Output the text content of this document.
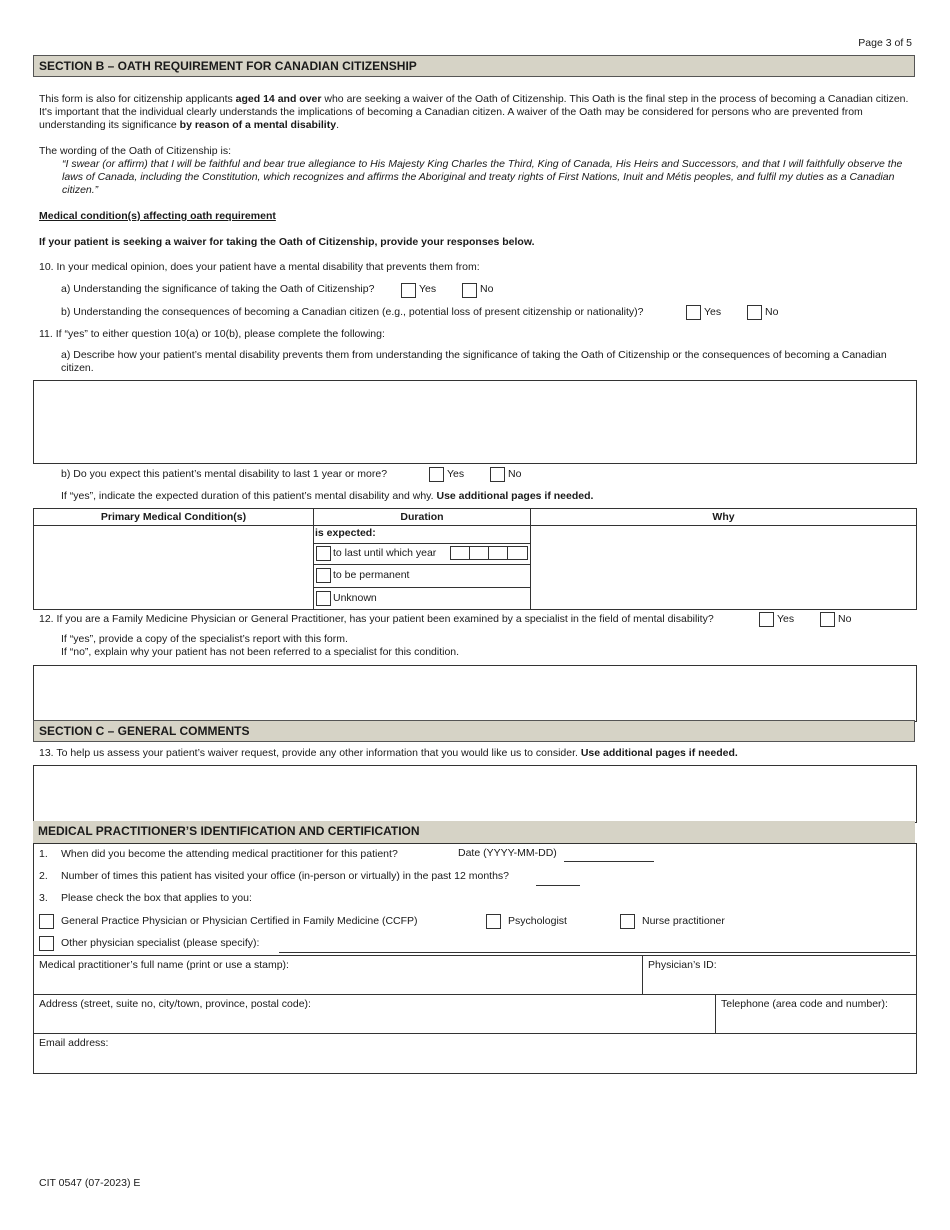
Page 3 of 5
SECTION B – OATH REQUIREMENT FOR CANADIAN CITIZENSHIP
This form is also for citizenship applicants aged 14 and over who are seeking a waiver of the Oath of Citizenship. This Oath is the final step in the process of becoming a Canadian citizen. It's important that the individual clearly understands the implications of becoming a Canadian citizen. A waiver of the Oath may be considered for persons who are prevented from understanding its significance by reason of a mental disability.
The wording of the Oath of Citizenship is:
“I swear (or affirm) that I will be faithful and bear true allegiance to His Majesty King Charles the Third, King of Canada, His Heirs and Successors, and that I will faithfully observe the laws of Canada, including the Constitution, which recognizes and affirms the Aboriginal and treaty rights of First Nations, Inuit and Métis peoples, and fulfil my duties as a Canadian citizen.”
Medical condition(s) affecting oath requirement
If your patient is seeking a waiver for taking the Oath of Citizenship, provide your responses below.
10. In your medical opinion, does your patient have a mental disability that prevents them from:
a) Understanding the significance of taking the Oath of Citizenship?	Yes	No
b) Understanding the consequences of becoming a Canadian citizen (e.g., potential loss of present citizenship or nationality)?	Yes	No
11. If “yes” to either question 10(a) or 10(b), please complete the following:
a) Describe how your patient’s mental disability prevents them from understanding the significance of taking the Oath of Citizenship or the consequences of becoming a Canadian citizen.
b) Do you expect this patient’s mental disability to last 1 year or more?	Yes	No
If “yes”, indicate the expected duration of this patient’s mental disability and why. Use additional pages if needed.
Primary Medical Condition(s)	Duration	Why
is expected:
to last until which year
to be permanent
Unknown
12. If you are a Family Medicine Physician or General Practitioner, has your patient been examined by a specialist in the field of mental disability?	Yes	No
If “yes”, provide a copy of the specialist’s report with this form.
If “no”, explain why your patient has not been referred to a specialist for this condition.
SECTION C – GENERAL COMMENTS
13. To help us assess your patient’s waiver request, provide any other information that you would like us to consider. Use additional pages if needed.
MEDICAL PRACTITIONER’S IDENTIFICATION AND CERTIFICATION
1. When did you become the attending medical practitioner for this patient?	Date (YYYY-MM-DD)
2. Number of times this patient has visited your office (in-person or virtually) in the past 12 months?
3. Please check the box that applies to you:
General Practice Physician or Physician Certified in Family Medicine (CCFP)	Psychologist	Nurse practitioner
Other physician specialist (please specify):
Medical practitioner’s full name (print or use a stamp):	Physician’s ID:
Address (street, suite no, city/town, province, postal code):	Telephone (area code and number):
Email address:
CIT 0547 (07-2023) E
